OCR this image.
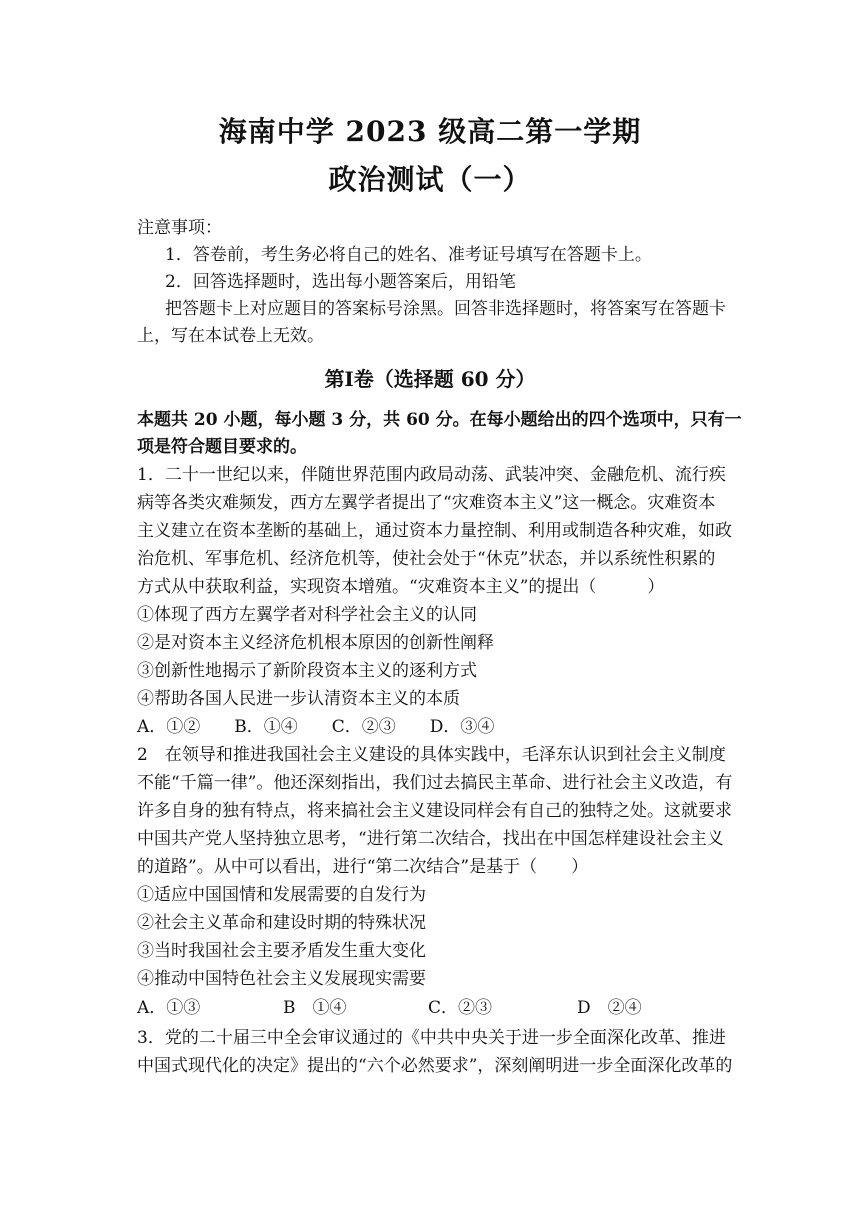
海南中学 2023 级高二第一学期
政治测试（一）
注意事项：
1．答卷前，考生务必将自己的姓名、准考证号填写在答题卡上。
2．回答选择题时，选出每小题答案后，用铅笔
把答题卡上对应题目的答案标号涂黑。回答非选择题时，将答案写在答题卡
上，写在本试卷上无效。
第Ⅰ卷（选择题 60 分）
本题共 20 小题，每小题 3 分，共 60 分。在每小题给出的四个选项中，只有一
项是符合题目要求的。
1．二十一世纪以来，伴随世界范围内政局动荡、武装冲突、金融危机、流行疾
病等各类灾难频发，西方左翼学者提出了“灾难资本主义”这一概念。灾难资本
主义建立在资本垄断的基础上，通过资本力量控制、利用或制造各种灾难，如政
治危机、军事危机、经济危机等，使社会处于“休克”状态，并以系统性积累的
方式从中获取利益，实现资本增殖。“灾难资本主义”的提出（　　　）
①体现了西方左翼学者对科学社会主义的认同
②是对资本主义经济危机根本原因的创新性阐释
③创新性地揭示了新阶段资本主义的逐利方式
④帮助各国人民进一步认清资本主义的本质
A．①②　　B．①④　　C．②③　　D．③④
2　在领导和推进我国社会主义建设的具体实践中，毛泽东认识到社会主义制度
不能“千篇一律”。他还深刻指出，我们过去搞民主革命、进行社会主义改造，有
许多自身的独有特点，将来搞社会主义建设同样会有自己的独特之处。这就要求
中国共产党人坚持独立思考，“进行第二次结合，找出在中国怎样建设社会主义
的道路”。从中可以看出，进行“第二次结合”是基于（　　）
①适应中国国情和发展需要的自发行为
②社会主义革命和建设时期的特殊状况
③当时我国社会主要矛盾发生重大变化
④推动中国特色社会主义发展现实需要
A．①③	B　①④	C．②③	D　②④
3．党的二十届三中全会审议通过的《中共中央关于进一步全面深化改革、推进
中国式现代化的决定》提出的“六个必然要求”，深刻阐明进一步全面深化改革的
